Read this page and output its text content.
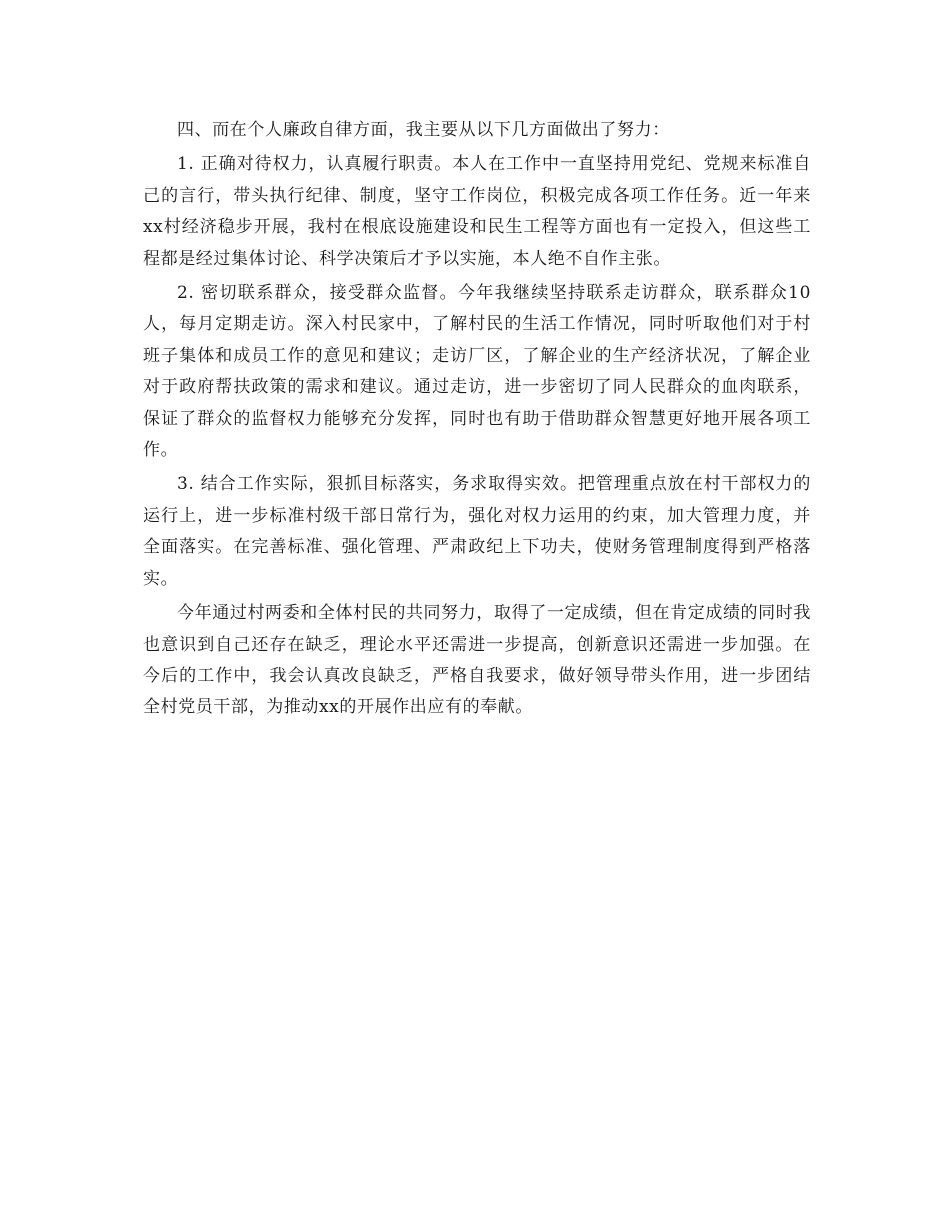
四、而在个人廉政自律方面，我主要从以下几方面做出了努力：

1. 正确对待权力，认真履行职责。本人在工作中一直坚持用党纪、党规来标准自己的言行，带头执行纪律、制度，坚守工作岗位，积极完成各项工作任务。近一年来xx村经济稳步开展，我村在根底设施建设和民生工程等方面也有一定投入，但这些工程都是经过集体讨论、科学决策后才予以实施，本人绝不自作主张。

2. 密切联系群众，接受群众监督。今年我继续坚持联系走访群众，联系群众10人，每月定期走访。深入村民家中，了解村民的生活工作情况，同时听取他们对于村班子集体和成员工作的意见和建议；走访厂区，了解企业的生产经济状况，了解企业对于政府帮扶政策的需求和建议。通过走访，进一步密切了同人民群众的血肉联系，保证了群众的监督权力能够充分发挥，同时也有助于借助群众智慧更好地开展各项工作。

3. 结合工作实际，狠抓目标落实，务求取得实效。把管理重点放在村干部权力的运行上，进一步标准村级干部日常行为，强化对权力运用的约束，加大管理力度，并全面落实。在完善标准、强化管理、严肃政纪上下功夫，使财务管理制度得到严格落实。

今年通过村两委和全体村民的共同努力，取得了一定成绩，但在肯定成绩的同时我也意识到自己还存在缺乏，理论水平还需进一步提高，创新意识还需进一步加强。在今后的工作中，我会认真改良缺乏，严格自我要求，做好领导带头作用，进一步团结全村党员干部，为推动xx的开展作出应有的奉献。
